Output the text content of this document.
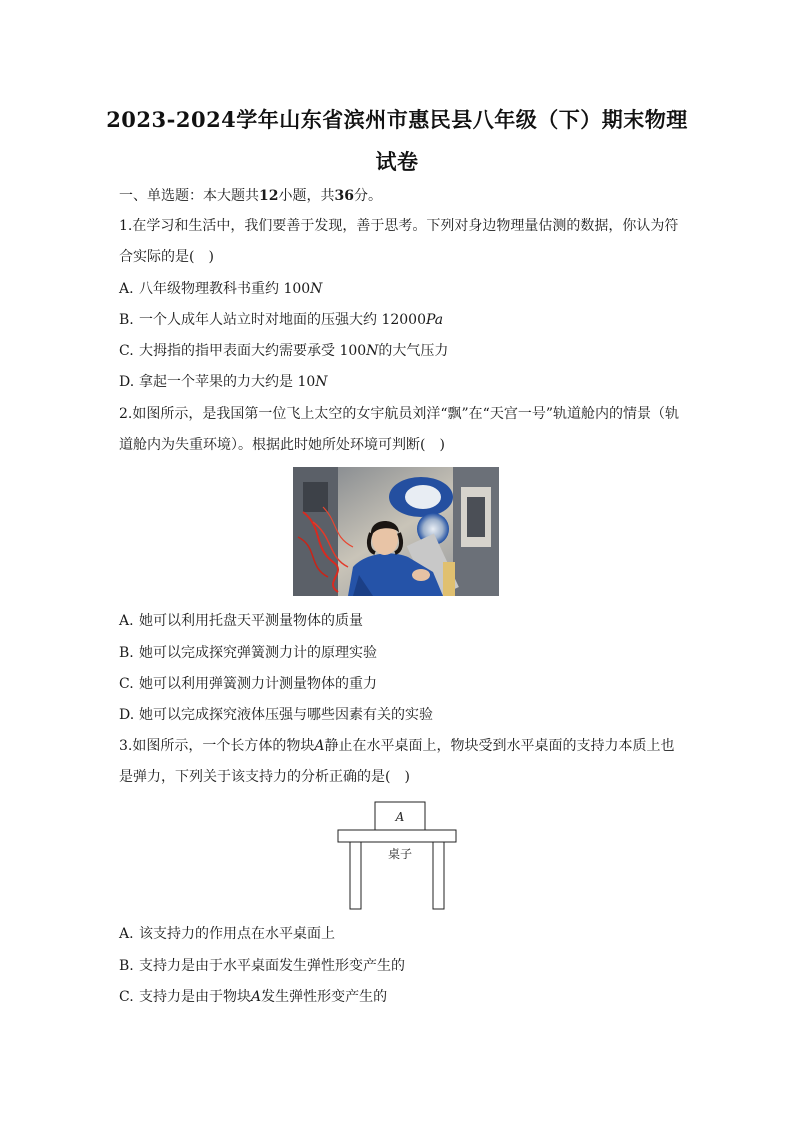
2023-2024学年山东省滨州市惠民县八年级（下）期末物理
试卷
一、单选题：本大题共12小题，共36分。
1.在学习和生活中，我们要善于发现，善于思考。下列对身边物理量估测的数据，你认为符
合实际的是(　)
A. 八年级物理教科书重约 100N
B. 一个人成年人站立时对地面的压强大约 12000Pa
C. 大拇指的指甲表面大约需要承受 100N的大气压力
D. 拿起一个苹果的力大约是 10N
2.如图所示，是我国第一位飞上太空的女宇航员刘洋“飘”在“天宫一号”轨道舱内的情景（轨
道舱内为失重环境）。根据此时她所处环境可判断(　)
A. 她可以利用托盘天平测量物体的质量
B. 她可以完成探究弹簧测力计的原理实验
C. 她可以利用弹簧测力计测量物体的重力
D. 她可以完成探究液体压强与哪些因素有关的实验
3.如图所示，一个长方体的物块A静止在水平桌面上，物块受到水平桌面的支持力本质上也
是弹力，下列关于该支持力的分析正确的是(　)
A
桌子
A. 该支持力的作用点在水平桌面上
B. 支持力是由于水平桌面发生弹性形变产生的
C. 支持力是由于物块A发生弹性形变产生的
